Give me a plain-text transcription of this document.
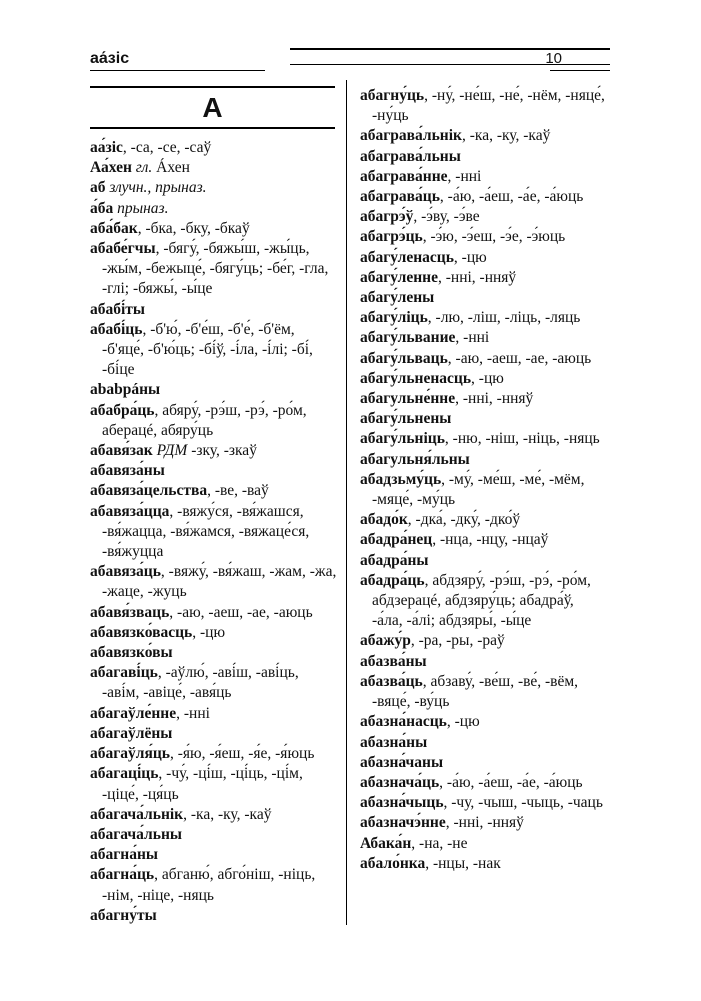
аа́зіс	10
А
аа́зіс, -са, -се, -саў
Аа́хен гл. Áхен
аб злучн., прыназ.
а́ба прыназ.
аба́бак, -бка, -бку, -бкаў
абабе́гчы, -бягу́, -бяжы́ш, -жы́ць, -жы́м, -бежыце́, -бягу́ць; -бе́г, -гла, -глі; -бяжы́, -ы́це
абабі́ты
абабі́ць, -б'ю́, -б'е́ш, -б'е́, -б'ём, -б'яце́, -б'ю́ць; -бі́ў, -і́ла, -і́лі; -бі́, -бі́це
ababрá​ны
абабра́ць, абяру́, -рэ́ш, -рэ́, -ро́м, аберацé, абяру́ць
абавя́зак РДМ -зку, -зкаў
абавяза́ны
абавяза́цельства, -ве, -ваў
абавяза́цца, -вяжу́ся, -вя́жашся, -вя́жацца, -вя́жамся, -вяжаце́ся, -вя́жуцца
абавяза́ць, -вяжу́, -вя́жаш, -жам, -жа, -жаце, -жуць
абавя́зваць, -аю, -аеш, -ае, -аюць
абавязко́васць, -цю
абавязко́вы
абагаві́ць, -аўлю́, -аві́ш, -аві́ць, -аві́м, -авіце́, -авя́ць
абагаўле́нне, -нні
абагаўлёны
абагаўля́ць, -я́ю, -я́еш, -я́е, -я́юць
абагаці́ць, -чу́, -ці́ш, -ці́ць, -ці́м, -ціце́, -ця́ць
абагача́льнік, -ка, -ку, -каў
абагача́льны
абагна́ны
абагна́ць, абганю́, абго́ніш, -ніць, -нім, -ніце, -няць
абагну́ты
абагну́ць, -ну́, -не́ш, -не́, -нём, -няце́, -ну́ць
абаграва́льнік, -ка, -ку, -каў
абаграва́льны
абаграва́нне, -нні
абаграва́ць, -а́ю, -а́еш, -а́е, -а́юць
абагрэ́ў, -э́ву, -э́ве
абагрэ́ць, -э́ю, -э́еш, -э́е, -э́юць
абагу́ленасць, -цю
абагу́ленне, -нні, -нняў
абагу́лены
абагу́ліць, -лю, -ліш, -ліць, -ляць
абагу́львание, -нні
абагу́льваць, -аю, -аеш, -ае, -аюць
абагу́льненасць, -цю
абагульне́нне, -нні, -нняў
абагу́льнены
абагу́льніць, -ню, -ніш, -ніць, -няць
абагульня́льны
абадзьму́ць, -му́, -ме́ш, -ме́, -мём, -мяце́, -му́ць
абадо́к, -дка́, -дку́, -дко́ў
абадра́нец, -нца, -нцу, -нцаў
абадра́ны
абадра́ць, абдзяру́, -рэ́ш, -рэ́, -ро́м, абдзерацé, абдзяру́ць; абадра́ў, -а́ла, -а́лі; абдзяры́, -ы́це
абажу́р, -ра, -ры, -раў
абазва́ны
абазва́ць, абзаву́, -ве́ш, -ве́, -вём, -вяце́, -ву́ць
абазна́насць, -цю
абазна́ны
абазна́чаны
абазнача́ць, -а́ю, -а́еш, -а́е, -а́юць
абазна́чыць, -чу, -чыш, -чыць, -чаць
абазначэ́нне, -нні, -нняў
Абака́н, -на, -не
абало́нка, -нцы, -нак
